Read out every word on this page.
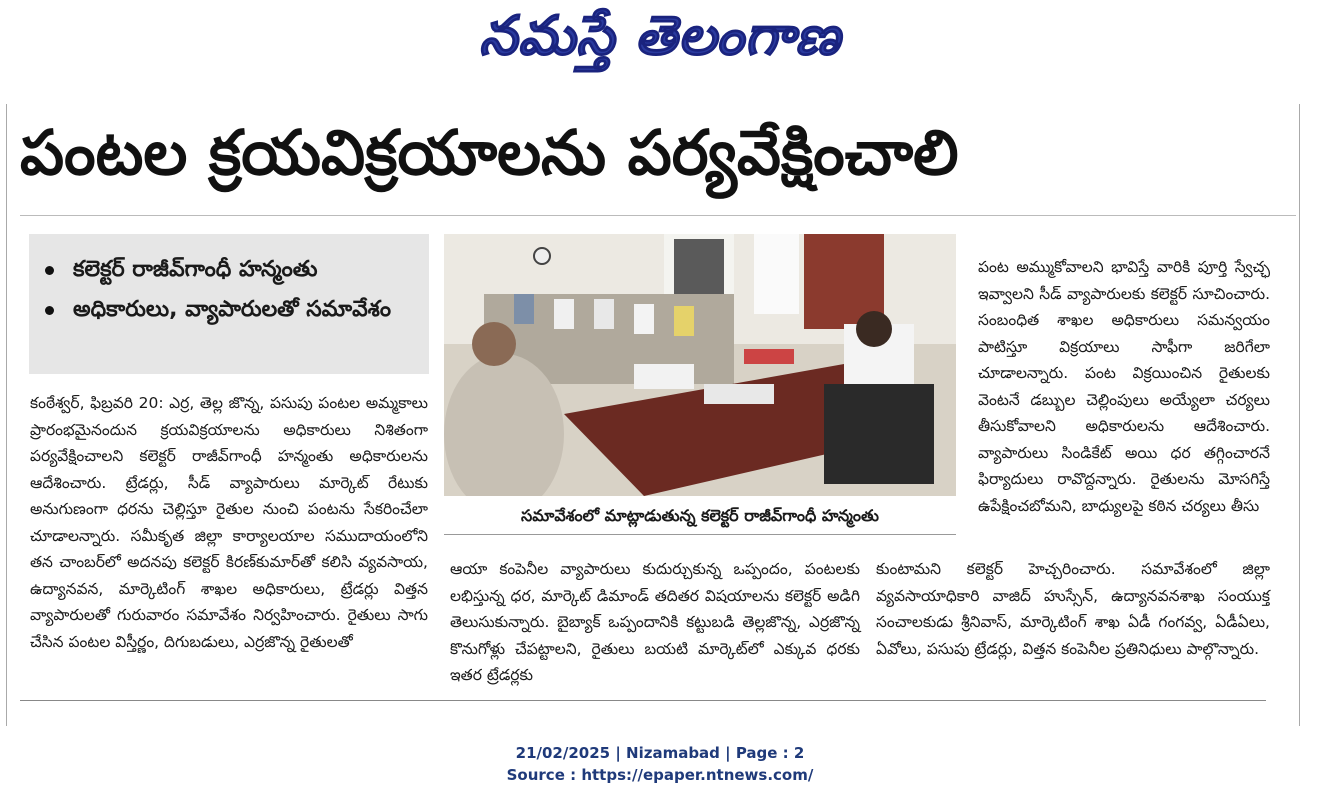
నమస్తే తెలంగాణ
పంటల క్రయవిక్రయాలను పర్యవేక్షించాలి
కలెక్టర్ రాజీవ్‌గాంధీ హన్మంతు
అధికారులు, వ్యాపారులతో సమావేశం
కంఠేశ్వర్, ఫిబ్రవరి 20: ఎర్ర, తెల్ల జొన్న, పసుపు పంటల అమ్మకాలు ప్రారంభమైనందున క్రయవిక్రయాలను అధికారులు నిశితంగా పర్యవేక్షించాలని కలెక్టర్ రాజీవ్‌గాంధీ హన్మంతు అధికారులను ఆదేశించారు. ట్రేడర్లు, సీడ్ వ్యాపారులు మార్కెట్ రేటుకు అనుగుణంగా ధరను చెల్లిస్తూ రైతుల నుంచి పంటను సేకరించేలా చూడాలన్నారు. సమీకృత జిల్లా కార్యాలయాల సముదాయంలోని తన చాంబర్‌లో అదనపు కలెక్టర్ కిరణ్‌కుమార్‌తో కలిసి వ్యవసాయ, ఉద్యానవన, మార్కెటింగ్ శాఖల అధికారులు, ట్రేడర్లు విత్తన వ్యాపారులతో గురువారం సమావేశం నిర్వహించారు. రైతులు సాగు చేసిన పంటల విస్తీర్ణం, దిగుబడులు, ఎర్రజొన్న రైతులతో
సమావేశంలో మాట్లాడుతున్న కలెక్టర్ రాజీవ్‌గాంధీ హన్మంతు
ఆయా కంపెనీల వ్యాపారులు కుదుర్చుకున్న ఒప్పందం, పంటలకు లభిస్తున్న ధర, మార్కెట్ డిమాండ్ తదితర విషయాలను కలెక్టర్ అడిగి తెలుసుకున్నారు. బైబ్యాక్ ఒప్పందానికి కట్టుబడి తెల్లజొన్న, ఎర్రజొన్న కొనుగోళ్లు చేపట్టాలని, రైతులు బయటి మార్కెట్‌లో ఎక్కువ ధరకు ఇతర ట్రేడర్లకు
పంట అమ్ముకోవాలని భావిస్తే వారికి పూర్తి స్వేచ్ఛ ఇవ్వాలని సీడ్ వ్యాపారులకు కలెక్టర్ సూచించారు. సంబంధిత శాఖల అధికారులు సమన్వయం పాటిస్తూ విక్రయాలు సాఫీగా జరిగేలా చూడాలన్నారు. పంట విక్రయించిన రైతులకు వెంటనే డబ్బుల చెల్లింపులు అయ్యేలా చర్యలు తీసుకోవాలని అధికారులను ఆదేశించారు. వ్యాపారులు సిండికేట్ అయి ధర తగ్గించారనే ఫిర్యాదులు రావొద్దన్నారు. రైతులను మోసగిస్తే ఉపేక్షించబోమని, బాధ్యులపై కఠిన చర్యలు తీసు
కుంటామని కలెక్టర్ హెచ్చరించారు. సమావేశంలో జిల్లా వ్యవసాయాధికారి వాజిద్ హుస్సేన్, ఉద్యానవనశాఖ సంయుక్త సంచాలకుడు శ్రీనివాస్, మార్కెటింగ్ శాఖ ఏడీ గంగవ్వ, ఏడీఏలు, ఏవోలు, పసుపు ట్రేడర్లు, విత్తన కంపెనీల ప్రతినిధులు పాల్గొన్నారు.
21/02/2025 | Nizamabad | Page : 2
Source : https://epaper.ntnews.com/
